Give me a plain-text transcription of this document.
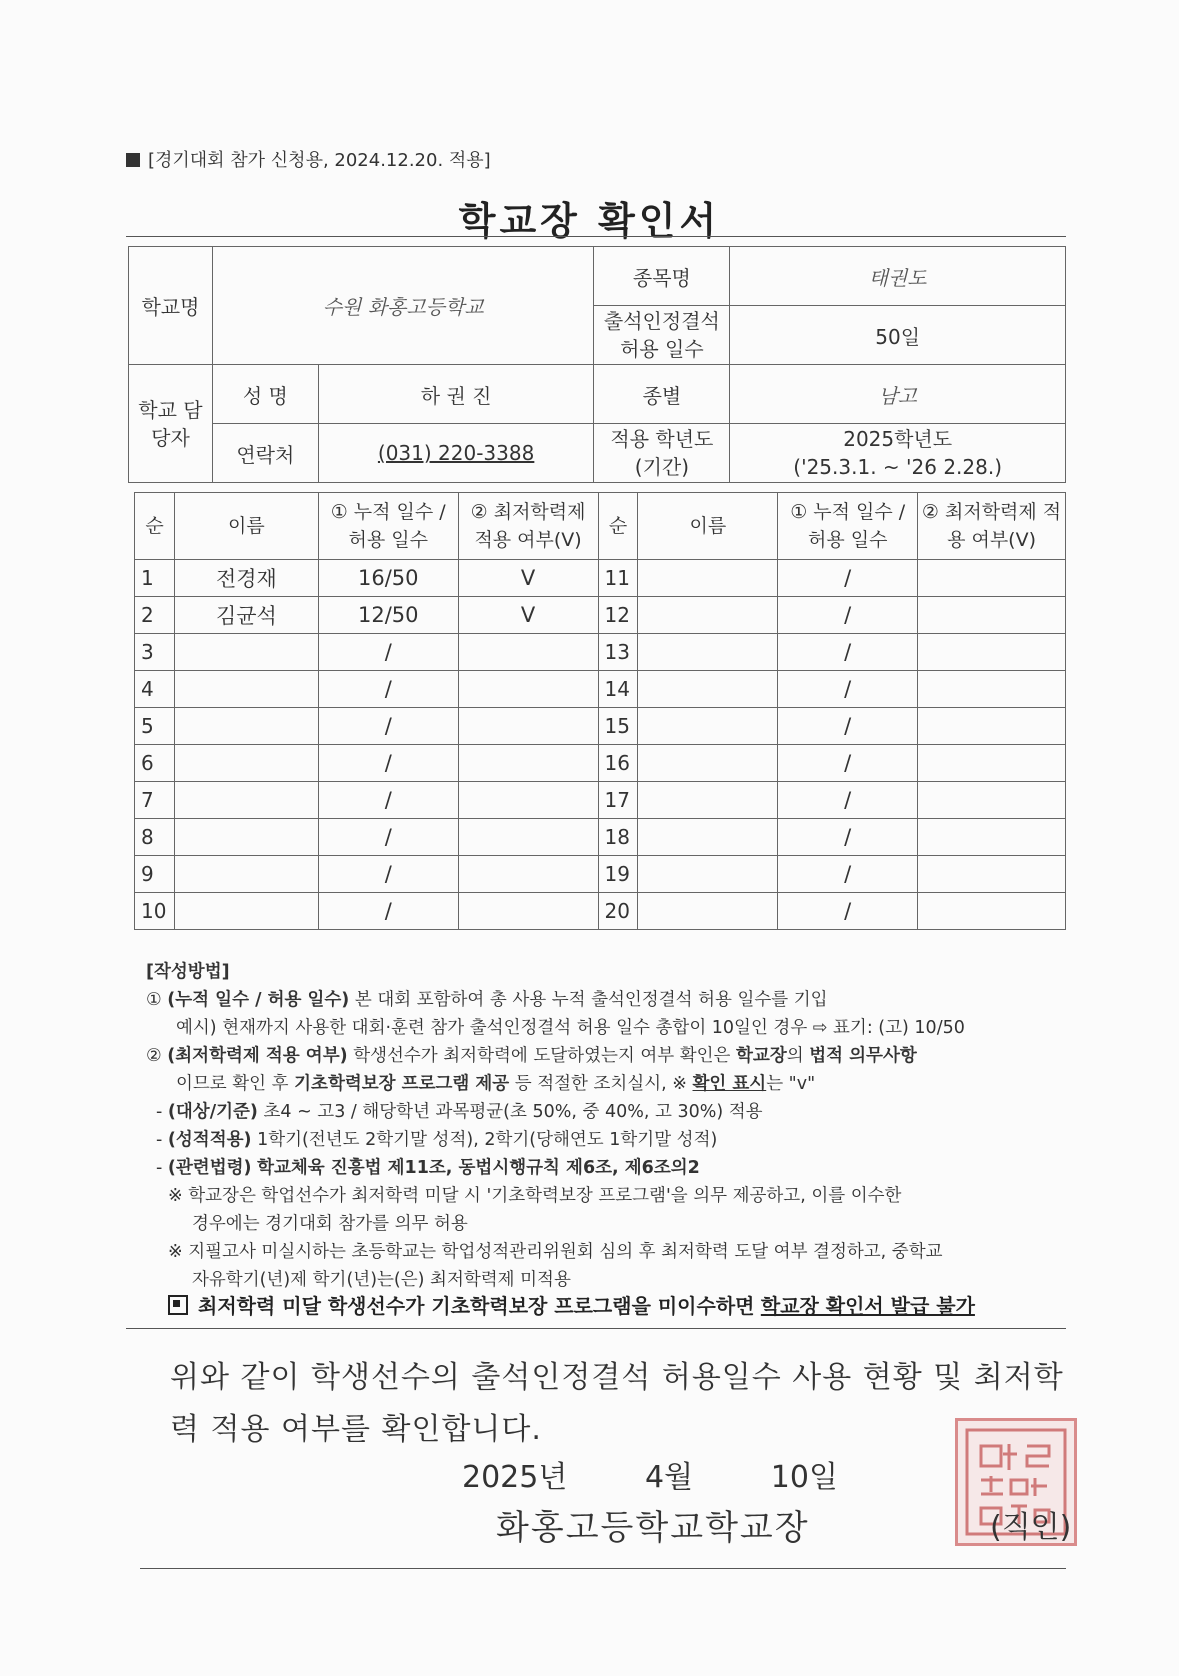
[경기대회 참가 신청용, 2024.12.20. 적용]
학교장 확인서
학교명	수원 화홍고등학교		종목명	태권도
			출석인정결석 허용 일수	50일
학교 담당자	성 명	하 권 진	종별	남고
	연락처	(031) 220-3388	적용 학년도 (기간)	2025학년도
('25.3.1. ~ '26 2.28.)
순	이름	① 누적 일수 / 허용 일수	② 최저학력제 적용 여부(V)	순	이름	① 누적 일수 / 허용 일수	② 최저학력제 적용 여부(V)
1	전경재	16/50	V	11		/	
2	김균석	12/50	V	12		/	
3		/		13		/	
4		/		14		/	
5		/		15		/	
6		/		16		/	
7		/		17		/	
8		/		18		/	
9		/		19		/	
10		/		20		/	

[작성방법]

① (누적 일수 / 허용 일수) 본 대회 포함하여 총 사용 누적 출석인정결석 허용 일수를 기입

예시) 현재까지 사용한 대회·훈련 참가 출석인정결석 허용 일수 총합이 10일인 경우 ⇨ 표기: (고) 10/50

② (최저학력제 적용 여부) 학생선수가 최저학력에 도달하였는지 여부 확인은 학교장의 법적 의무사항

이므로 확인 후 기초학력보장 프로그램 제공 등 적절한 조치실시, ※ 확인 표시는 "v"

- (대상/기준) 초4 ~ 고3 / 해당학년 과목평균(초 50%, 중 40%, 고 30%) 적용

- (성적적용) 1학기(전년도 2학기말 성적), 2학기(당해연도 1학기말 성적)

- (관련법령) 학교체육 진흥법 제11조, 동법시행규칙 제6조, 제6조의2

※ 학교장은 학업선수가 최저학력 미달 시 '기초학력보장 프로그램'을 의무 제공하고, 이를 이수한

경우에는 경기대회 참가를 의무 허용

※ 지필고사 미실시하는 초등학교는 학업성적관리위원회 심의 후 최저학력 도달 여부 결정하고, 중학교

자유학기(년)제 학기(년)는(은) 최저학력제 미적용

최저학력 미달 학생선수가 기초학력보장 프로그램을 미이수하면 학교장 확인서 발급 불가
위와 같이 학생선수의 출석인정결석 허용일수 사용 현황 및 최저학력 적용 여부를 확인합니다.
2025년	4월	10일
화홍고등학교학교장	(직인)
